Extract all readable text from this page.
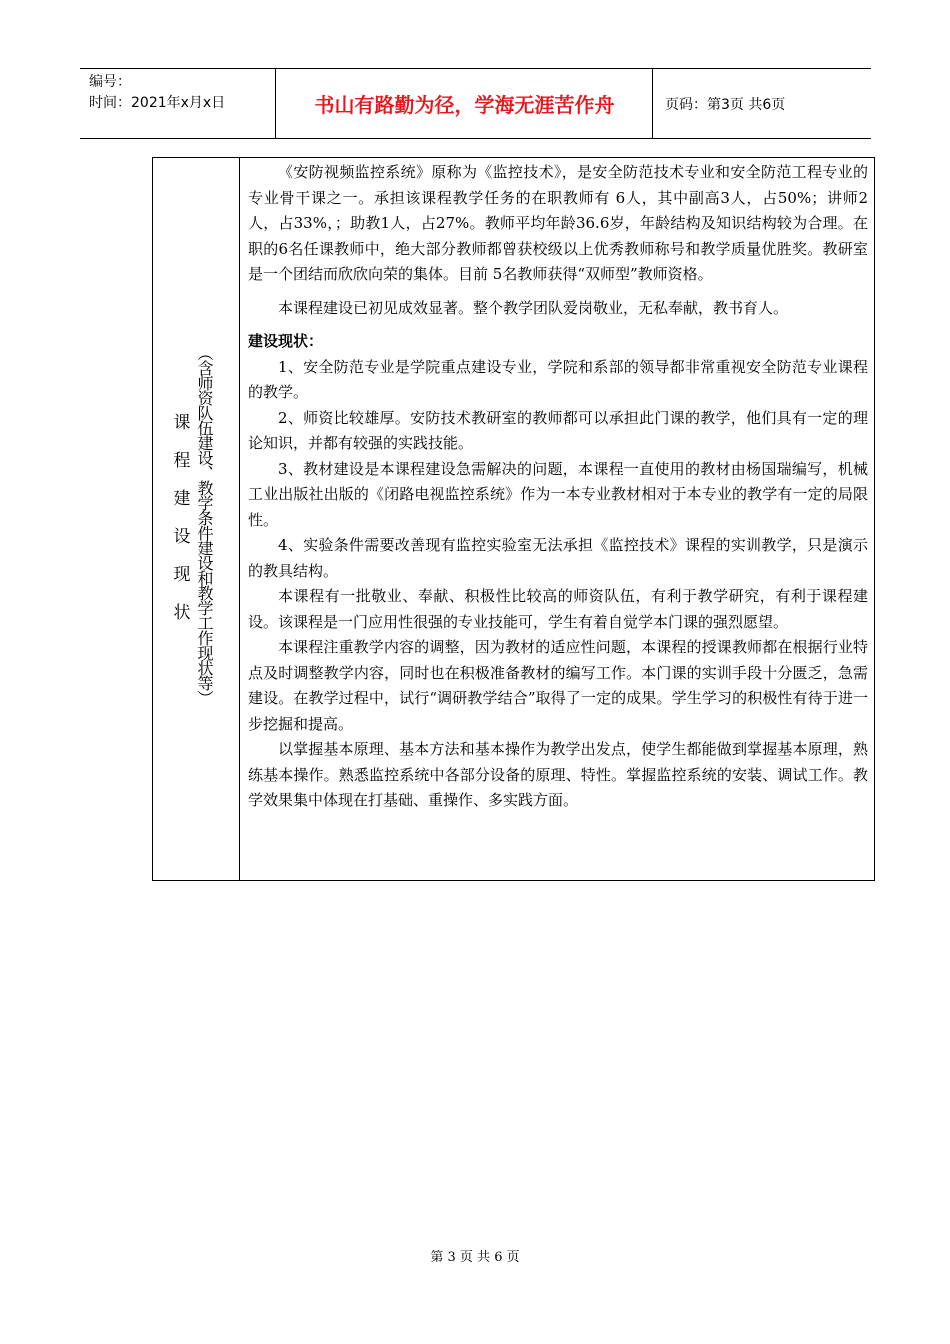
编号：
时间：2021年x月x日	书山有路勤为径，学海无涯苦作舟	页码：第3页 共6页
课
程
建
设
现
状 （含师资队伍建设、教学条件建设和教学工作现状等）

《安防视频监控系统》原称为《监控技术》，是安全防范技术专业和安全防范工程专业的专业骨干课之一。承担该课程教学任务的在职教师有 6人，其中副高3人，占50%；讲师2人，占33%，；助教1人，占27%。教师平均年龄36.6岁，年龄结构及知识结构较为合理。在职的6名任课教师中，绝大部分教师都曾获校级以上优秀教师称号和教学质量优胜奖。教研室是一个团结而欣欣向荣的集体。目前 5名教师获得“双师型”教师资格。

本课程建设已初见成效显著。整个教学团队爱岗敬业，无私奉献，教书育人。

建设现状：

1、安全防范专业是学院重点建设专业，学院和系部的领导都非常重视安全防范专业课程的教学。

2、师资比较雄厚。安防技术教研室的教师都可以承担此门课的教学，他们具有一定的理论知识，并都有较强的实践技能。

3、教材建设是本课程建设急需解决的问题，本课程一直使用的教材由杨国瑞编写，机械工业出版社出版的《闭路电视监控系统》作为一本专业教材相对于本专业的教学有一定的局限性。

4、实验条件需要改善现有监控实验室无法承担《监控技术》课程的实训教学，只是演示的教具结构。

本课程有一批敬业、奉献、积极性比较高的师资队伍，有利于教学研究，有利于课程建设。该课程是一门应用性很强的专业技能可，学生有着自觉学本门课的强烈愿望。

本课程注重教学内容的调整，因为教材的适应性问题，本课程的授课教师都在根据行业特点及时调整教学内容，同时也在积极准备教材的编写工作。本门课的实训手段十分匮乏，急需建设。在教学过程中，试行“调研教学结合”取得了一定的成果。学生学习的积极性有待于进一步挖掘和提高。

以掌握基本原理、基本方法和基本操作为教学出发点，使学生都能做到掌握基本原理，熟练基本操作。熟悉监控系统中各部分设备的原理、特性。掌握监控系统的安装、调试工作。教学效果集中体现在打基础、重操作、多实践方面。

第 3 页 共 6 页
